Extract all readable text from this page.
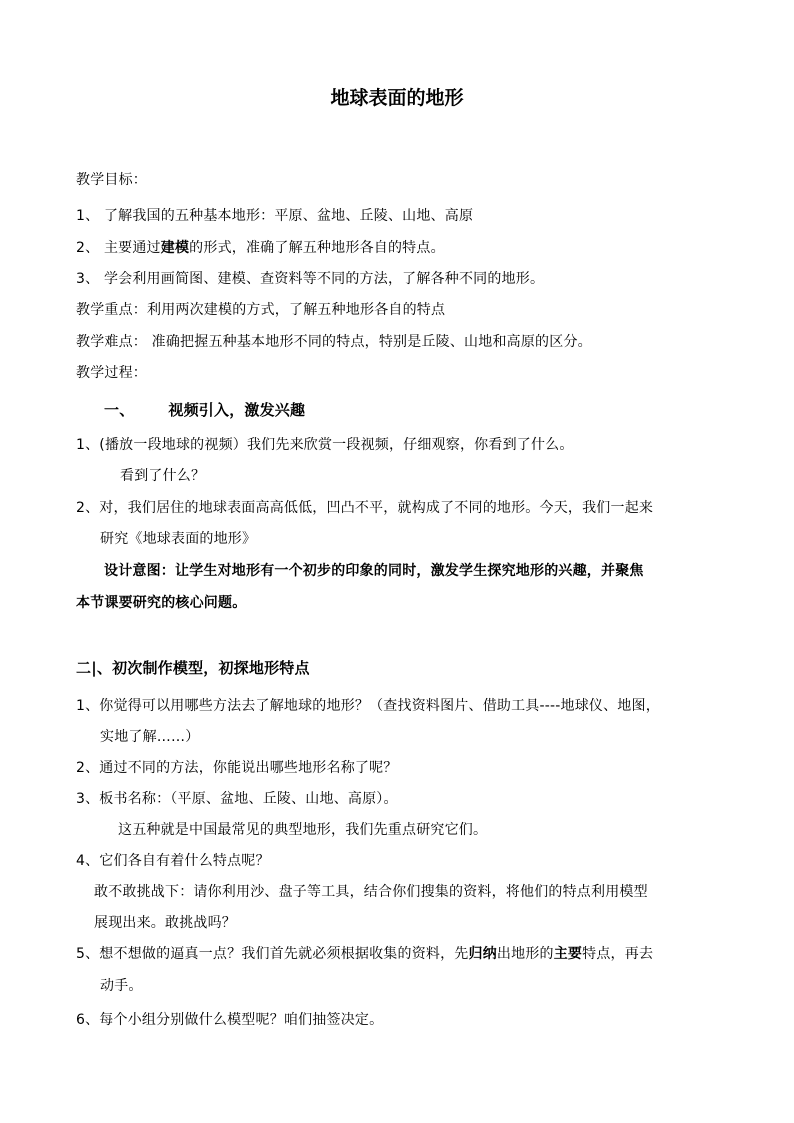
地球表面的地形
教学目标：
1、 了解我国的五种基本地形：平原、盆地、丘陵、山地、高原
2、 主要通过建模的形式，准确了解五种地形各自的特点。
3、 学会利用画简图、建模、查资料等不同的方法，了解各种不同的地形。
教学重点：利用两次建模的方式，了解五种地形各自的特点
教学难点： 准确把握五种基本地形不同的特点，特别是丘陵、山地和高原的区分。
教学过程：
一、 视频引入，激发兴趣
1、(播放一段地球的视频）我们先来欣赏一段视频，仔细观察，你看到了什么。
看到了什么？
2、对，我们居住的地球表面高高低低，凹凸不平，就构成了不同的地形。今天，我们一起来
研究《地球表面的地形》
设计意图：让学生对地形有一个初步的印象的同时，激发学生探究地形的兴趣，并聚焦
本节课要研究的核心问题。
二|、初次制作模型，初探地形特点
1、你觉得可以用哪些方法去了解地球的地形？（查找资料图片、借助工具----地球仪、地图，
实地了解……）
2、通过不同的方法，你能说出哪些地形名称了呢？
3、板书名称：（平原、盆地、丘陵、山地、高原）。
这五种就是中国最常见的典型地形，我们先重点研究它们。
4、它们各自有着什么特点呢？
敢不敢挑战下：请你利用沙、盘子等工具，结合你们搜集的资料，将他们的特点利用模型
展现出来。敢挑战吗？
5、想不想做的逼真一点？我们首先就必须根据收集的资料，先归纳出地形的主要特点，再去
动手。
6、每个小组分别做什么模型呢？咱们抽签决定。
